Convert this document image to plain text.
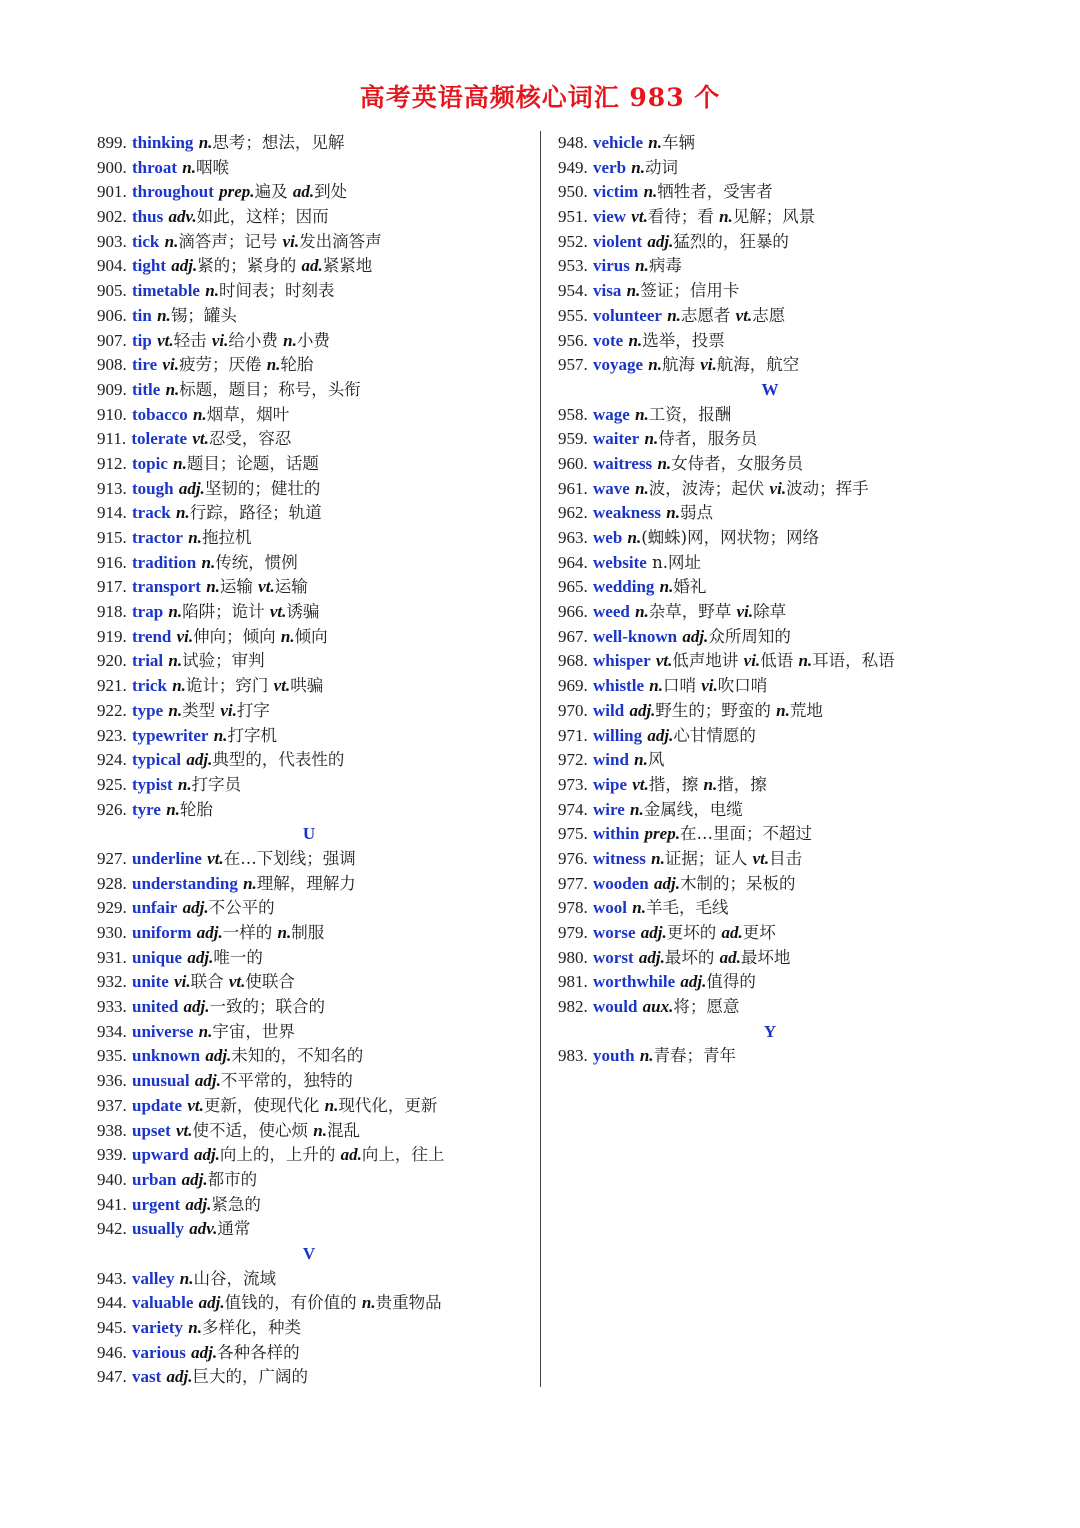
高考英语高频核心词汇 983 个
899. thinking n.思考；想法，见解
900. throat n.咽喉
901. throughout prep.遍及 ad.到处
902. thus adv.如此，这样；因而
903. tick n.滴答声；记号 vi.发出滴答声
904. tight adj.紧的；紧身的 ad.紧紧地
905. timetable n.时间表；时刻表
906. tin n.锡；罐头
907. tip vt.轻击 vi.给小费 n.小费
908. tire vi.疲劳；厌倦 n.轮胎
909. title n.标题，题目；称号，头衔
910. tobacco n.烟草，烟叶
911. tolerate vt.忍受，容忍
912. topic n.题目；论题，话题
913. tough adj.坚韧的；健壮的
914. track n.行踪，路径；轨道
915. tractor n.拖拉机
916. tradition n.传统，惯例
917. transport n.运输 vt.运输
918. trap n.陷阱；诡计 vt.诱骗
919. trend vi.伸向；倾向 n.倾向
920. trial n.试验；审判
921. trick n.诡计；窍门 vt.哄骗
922. type n.类型 vi.打字
923. typewriter n.打字机
924. typical adj.典型的，代表性的
925. typist n.打字员
926. tyre n.轮胎
U
927. underline vt.在…下划线；强调
928. understanding n.理解，理解力
929. unfair adj.不公平的
930. uniform adj.一样的 n.制服
931. unique adj.唯一的
932. unite vi.联合 vt.使联合
933. united adj.一致的；联合的
934. universe n.宇宙，世界
935. unknown adj.未知的，不知名的
936. unusual adj.不平常的，独特的
937. update vt.更新，使现代化 n.现代化，更新
938. upset vt.使不适，使心烦 n.混乱
939. upward adj.向上的，上升的 ad.向上，往上
940. urban adj.都市的
941. urgent adj.紧急的
942. usually adv.通常
V
943. valley n.山谷，流域
944. valuable adj.值钱的，有价值的 n.贵重物品
945. variety n.多样化，种类
946. various adj.各种各样的
947. vast adj.巨大的，广阔的
948. vehicle n.车辆
949. verb n.动词
950. victim n.牺牲者，受害者
951. view vt.看待；看 n.见解；风景
952. violent adj.猛烈的，狂暴的
953. virus n.病毒
954. visa n.签证；信用卡
955. volunteer n.志愿者 vt.志愿
956. vote n.选举，投票
957. voyage n.航海 vi.航海，航空
W
958. wage n.工资，报酬
959. waiter n.侍者，服务员
960. waitress n.女侍者，女服务员
961. wave n.波，波涛；起伏 vi.波动；挥手
962. weakness n.弱点
963. web n.(蜘蛛)网，网状物；网络
964. website n.网址
965. wedding n.婚礼
966. weed n.杂草，野草 vi.除草
967. well-known adj.众所周知的
968. whisper vt.低声地讲 vi.低语 n.耳语，私语
969. whistle n.口哨 vi.吹口哨
970. wild adj.野生的；野蛮的 n.荒地
971. willing adj.心甘情愿的
972. wind n.风
973. wipe vt.揩，擦 n.揩，擦
974. wire n.金属线，电缆
975. within prep.在…里面；不超过
976. witness n.证据；证人 vt.目击
977. wooden adj.木制的；呆板的
978. wool n.羊毛，毛线
979. worse adj.更坏的 ad.更坏
980. worst adj.最坏的 ad.最坏地
981. worthwhile adj.值得的
982. would aux.将；愿意
Y
983. youth n.青春；青年
